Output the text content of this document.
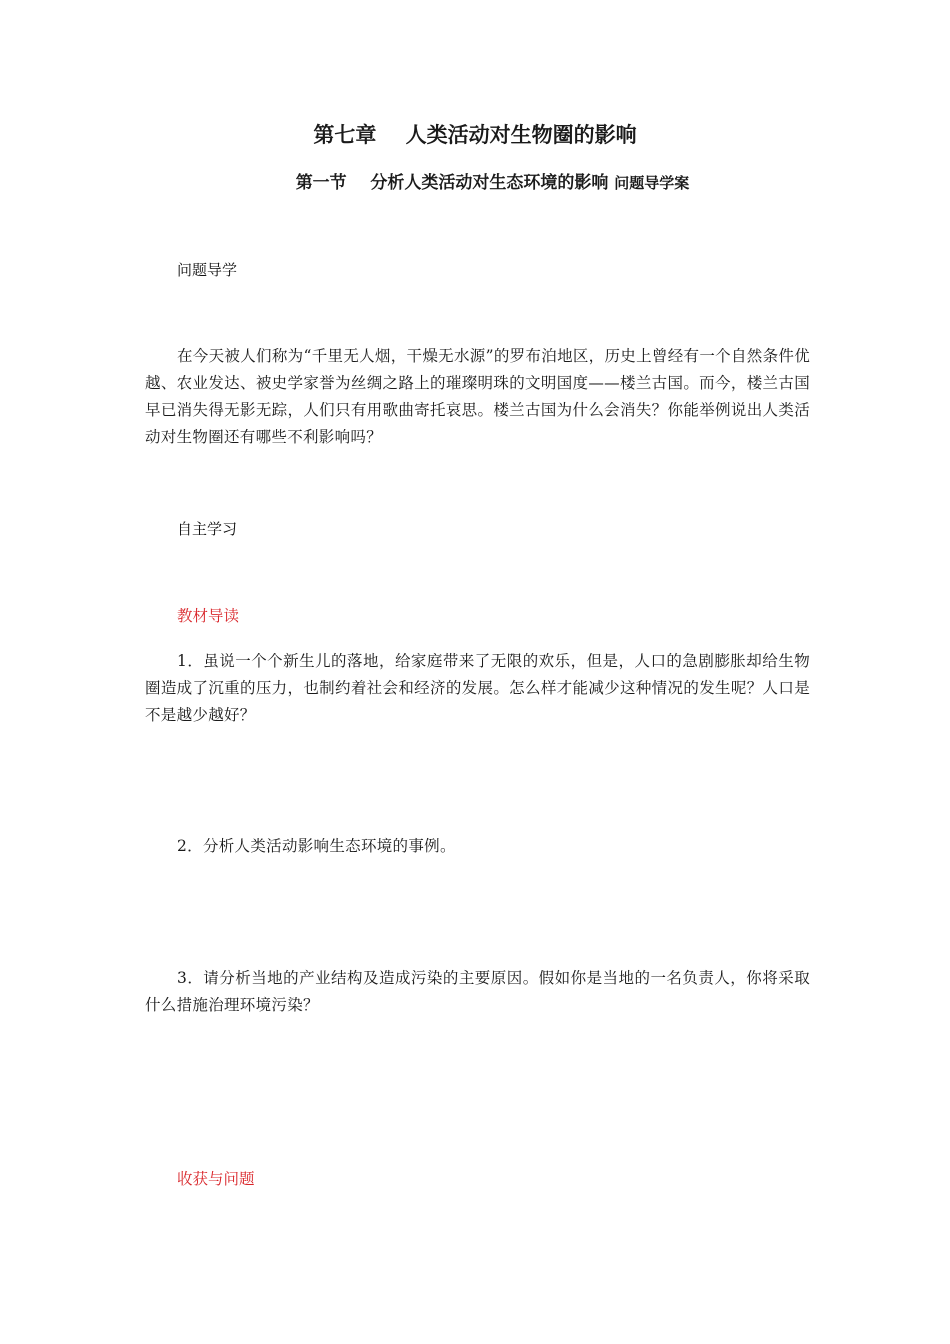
第七章    人类活动对生物圈的影响
第一节    分析人类活动对生态环境的影响 问题导学案
问题导学

在今天被人们称为“千里无人烟，干燥无水源”的罗布泊地区，历史上曾经有一个自然条件优越、农业发达、被史学家誉为丝绸之路上的璀璨明珠的文明国度——楼兰古国。而今，楼兰古国早已消失得无影无踪，人们只有用歌曲寄托哀思。楼兰古国为什么会消失？你能举例说出人类活动对生物圈还有哪些不利影响吗？

自主学习
教材导读

1．虽说一个个新生儿的落地，给家庭带来了无限的欢乐，但是，人口的急剧膨胀却给生物圈造成了沉重的压力，也制约着社会和经济的发展。怎么样才能减少这种情况的发生呢？人口是不是越少越好？

2．分析人类活动影响生态环境的事例。

3．请分析当地的产业结构及造成污染的主要原因。假如你是当地的一名负责人，你将采取什么措施治理环境污染？

收获与问题
